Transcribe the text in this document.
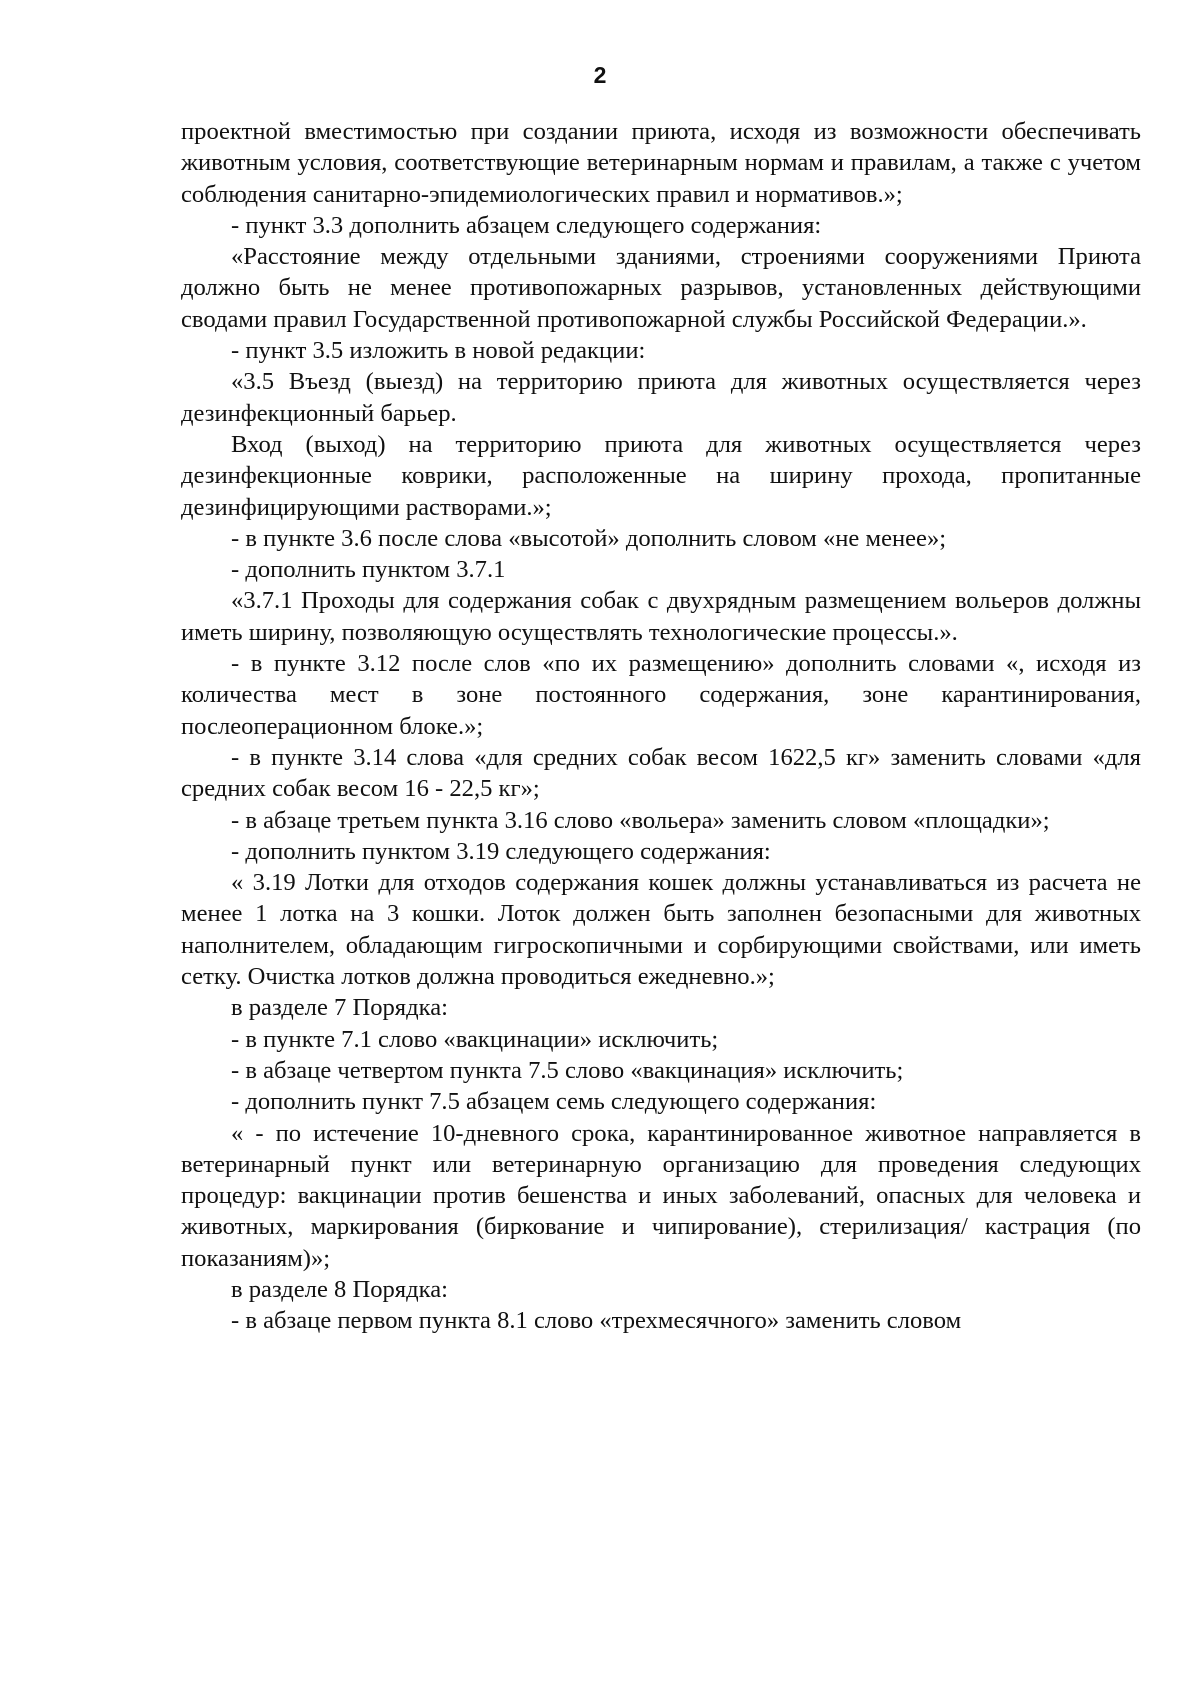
2

проектной вместимостью при создании приюта, исходя из возможности обеспечивать животным условия, соответствующие ветеринарным нормам и правилам, а также с учетом соблюдения санитарно-эпидемиологических правил и нормативов.»;

- пункт 3.3 дополнить абзацем следующего содержания:

«Расстояние между отдельными зданиями, строениями сооружениями Приюта должно быть не менее противопожарных разрывов, установленных действующими сводами правил Государственной противопожарной службы Российской Федерации.».

- пункт 3.5 изложить в новой редакции:

«3.5 Въезд (выезд) на территорию приюта для животных осуществляется через дезинфекционный барьер.

Вход (выход) на территорию приюта для животных осуществляется через дезинфекционные коврики, расположенные на ширину прохода, пропитанные дезинфицирующими растворами.»;

- в пункте 3.6 после слова «высотой» дополнить словом «не менее»;

- дополнить пунктом 3.7.1

«3.7.1 Проходы для содержания собак с двухрядным размещением вольеров должны иметь ширину, позволяющую осуществлять технологические процессы.».

- в пункте 3.12 после слов «по их размещению» дополнить словами «, исходя из количества мест в зоне постоянного содержания, зоне карантинирования, послеоперационном блоке.»;

- в пункте 3.14 слова «для средних собак весом 1622,5 кг» заменить словами «для средних собак весом 16 - 22,5 кг»;

- в абзаце третьем пункта 3.16 слово «вольера» заменить словом «площадки»;

- дополнить пунктом 3.19 следующего содержания:

« 3.19 Лотки для отходов содержания кошек должны устанавливаться из расчета не менее 1 лотка на 3 кошки. Лоток должен быть заполнен безопасными для животных наполнителем, обладающим гигроскопичными и сорбирующими свойствами, или иметь сетку. Очистка лотков должна проводиться ежедневно.»;

в разделе 7 Порядка:

- в пункте 7.1 слово «вакцинации» исключить;

- в абзаце четвертом пункта 7.5 слово «вакцинация» исключить;

- дополнить пункт 7.5 абзацем семь следующего содержания:

« - по истечение 10-дневного срока, карантинированное животное направляется в ветеринарный пункт или ветеринарную организацию для проведения следующих процедур: вакцинации против бешенства и иных заболеваний, опасных для человека и животных, маркирования (биркование и чипирование), стерилизация/ кастрация (по показаниям)»;

в разделе 8 Порядка:

- в абзаце первом пункта 8.1 слово «трехмесячного» заменить словом
